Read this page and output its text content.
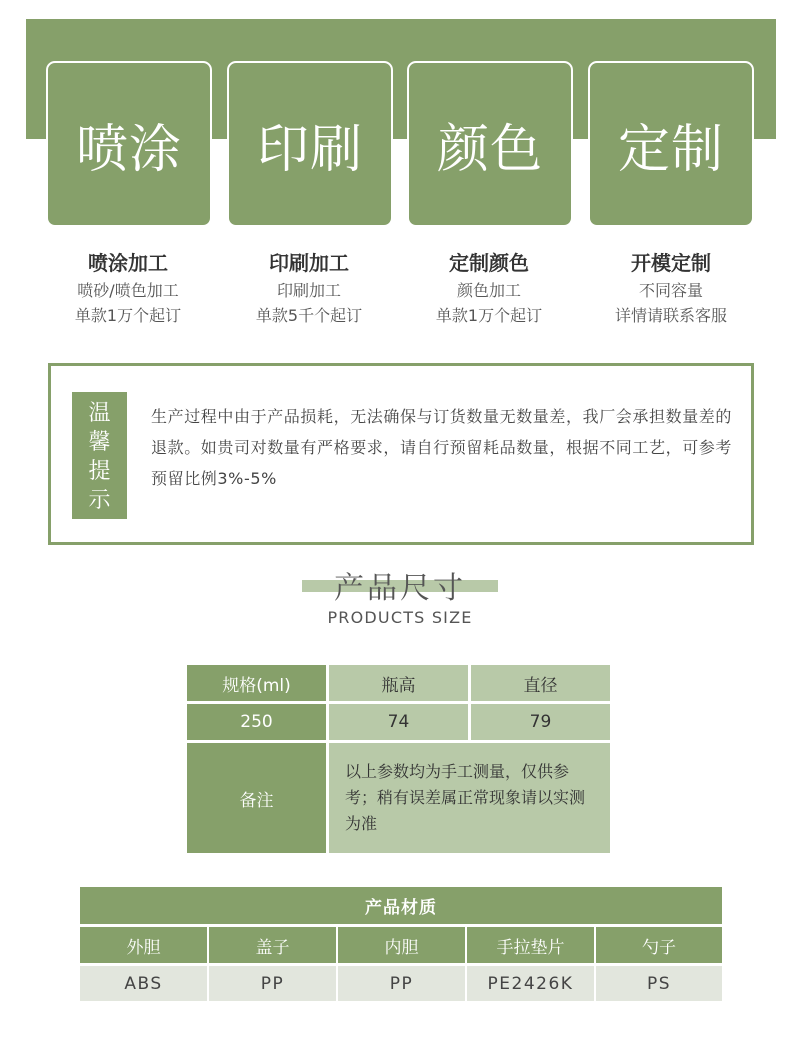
喷涂 印刷 颜色 定制
喷涂加工
喷砂/喷色加工
单款1万个起订
印刷加工
印刷加工
单款5千个起订
定制颜色
颜色加工
单款1万个起订
开模定制
不同容量
详情请联系客服
温馨提示
生产过程中由于产品损耗，无法确保与订货数量无数量差，我厂会承担数量差的退款。如贵司对数量有严格要求，请自行预留耗品数量，根据不同工艺，可参考预留比例3%-5%
产品尺寸
PRODUCTS SIZE
规格(ml)	瓶高	直径
250	74	79
备注
以上参数均为手工测量，仅供参考；稍有误差属正常现象请以实测为准
产品材质
外胆	盖子	内胆	手拉垫片	勺子
ABS	PP	PP	PE2426K	PS
